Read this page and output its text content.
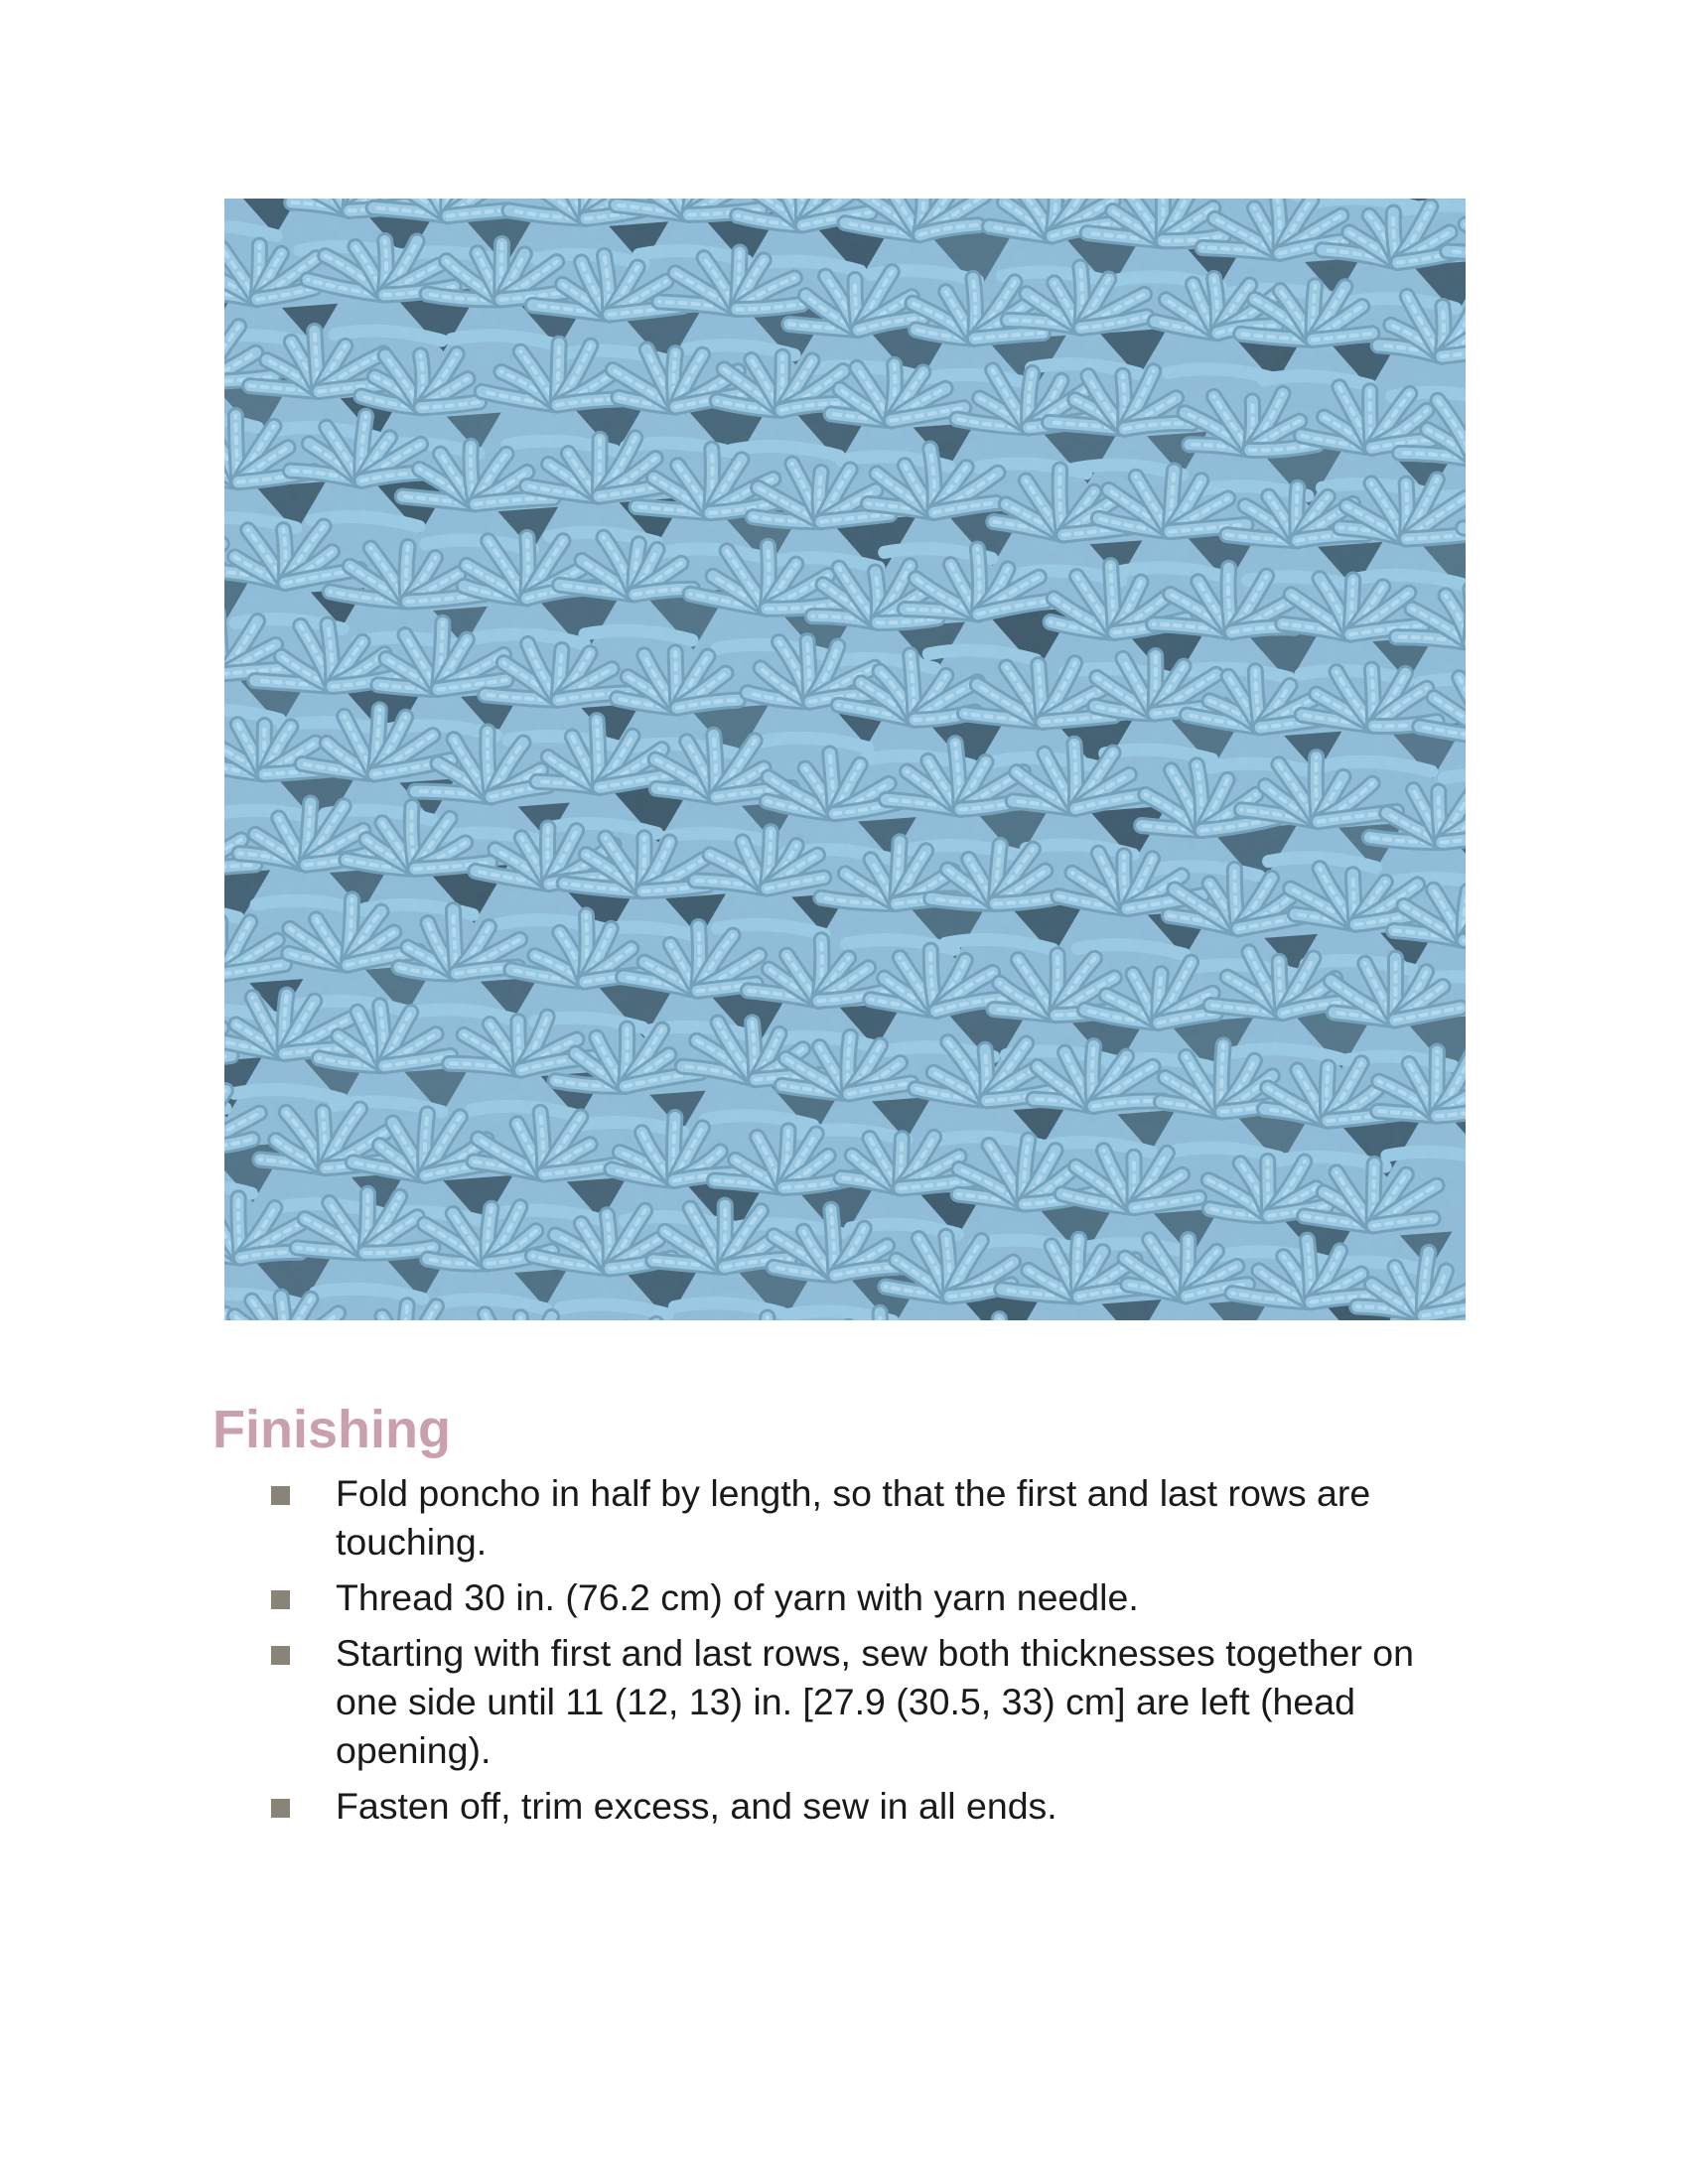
Finishing
Fold poncho in half by length, so that the first and last rows are touching.
Thread 30 in. (76.2 cm) of yarn with yarn needle.
Starting with first and last rows, sew both thicknesses together on one side until 11 (12, 13) in. [27.9 (30.5, 33) cm] are left (head opening).
Fasten off, trim excess, and sew in all ends.
